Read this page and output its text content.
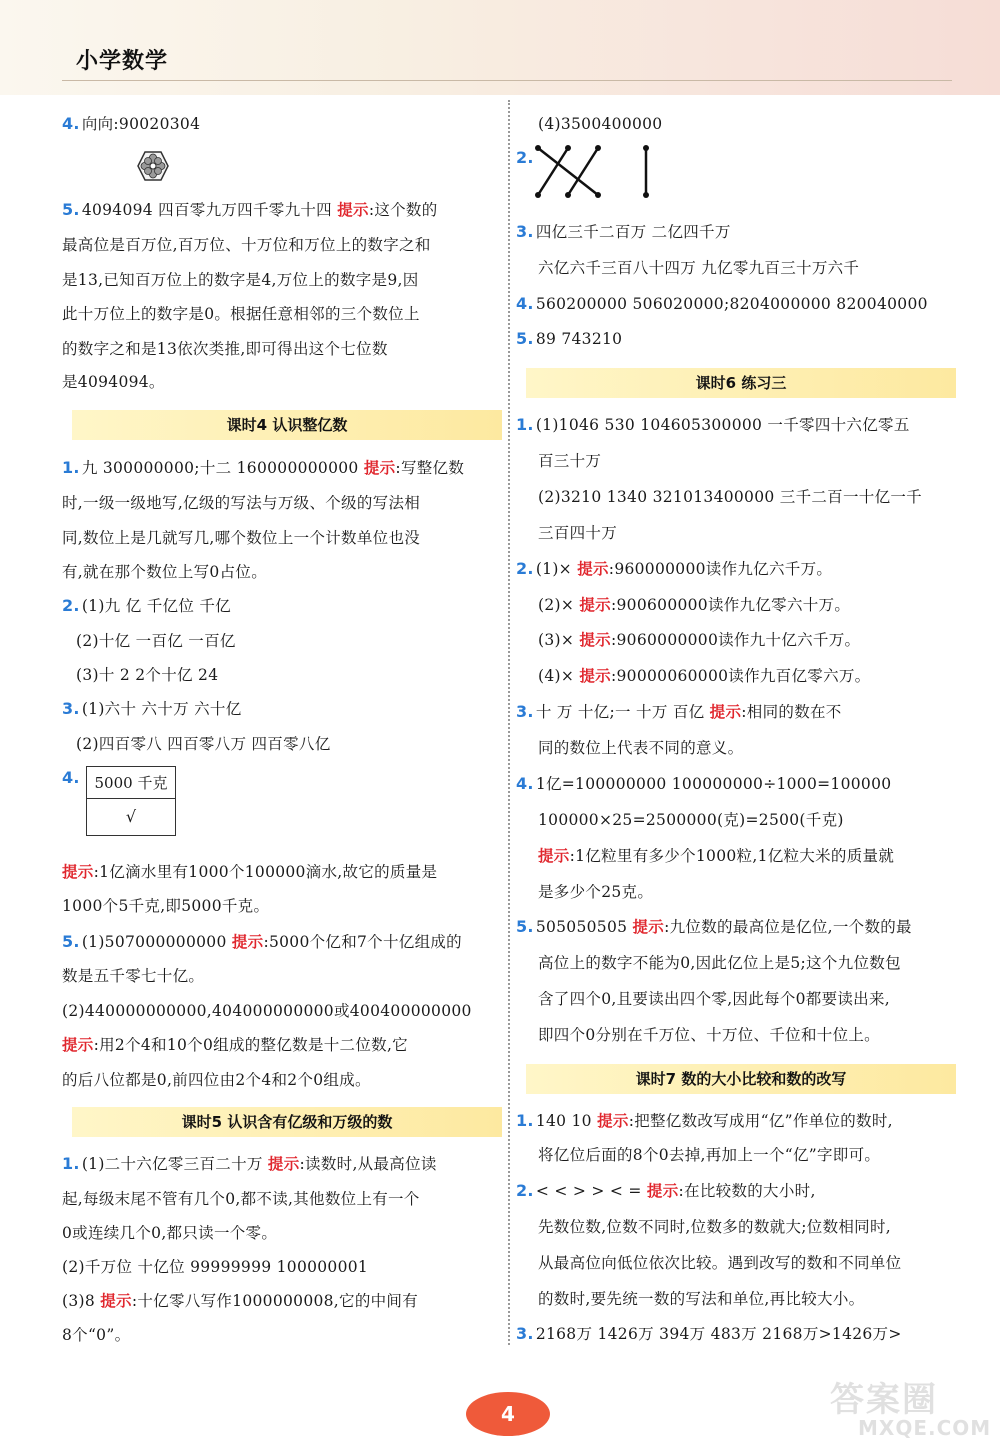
小学数学
4. 向向:90020304
5. 4094094 四百零九万四千零九十四 提示:这个数的
最高位是百万位,百万位、十万位和万位上的数字之和
是13,已知百万位上的数字是4,万位上的数字是9,因
此十万位上的数字是0。根据任意相邻的三个数位上
的数字之和是13依次类推,即可得出这个七位数
是4094094。
课时4 认识整亿数
1. 九 300000000;十二 160000000000 提示:写整亿数
时,一级一级地写,亿级的写法与万级、个级的写法相
同,数位上是几就写几,哪个数位上一个计数单位也没
有,就在那个数位上写0占位。
2. (1)九 亿 千亿位 千亿
(2)十亿 一百亿 一百亿
(3)十 2 2个十亿 24
3. (1)六十 六十万 六十亿
(2)四百零八 四百零八万 四百零八亿
4. 5000 千克
√
提示:1亿滴水里有1000个100000滴水,故它的质量是
1000个5千克,即5000千克。
5. (1)507000000000 提示:5000个亿和7个十亿组成的
数是五千零七十亿。
(2)440000000000,404000000000或400400000000
提示:用2个4和10个0组成的整亿数是十二位数,它
的后八位都是0,前四位由2个4和2个0组成。
课时5 认识含有亿级和万级的数
1. (1)二十六亿零三百二十万 提示:读数时,从最高位读
起,每级末尾不管有几个0,都不读,其他数位上有一个
0或连续几个0,都只读一个零。
(2)千万位 十亿位 99999999 100000001
(3)8 提示:十亿零八写作1000000008,它的中间有
8个“0”。
(4)3500400000
2.
3. 四亿三千二百万 二亿四千万
六亿六千三百八十四万 九亿零九百三十万六千
4. 560200000 506020000;8204000000 820040000
5. 89 743210
课时6 练习三
1. (1)1046 530 104605300000 一千零四十六亿零五
百三十万
(2)3210 1340 321013400000 三千二百一十亿一千
三百四十万
2. (1)× 提示:960000000读作九亿六千万。
(2)× 提示:900600000读作九亿零六十万。
(3)× 提示:9060000000读作九十亿六千万。
(4)× 提示:90000060000读作九百亿零六万。
3. 十 万 十亿;一 十万 百亿 提示:相同的数在不
同的数位上代表不同的意义。
4. 1亿=100000000 100000000÷1000=100000
100000×25=2500000(克)=2500(千克)
提示:1亿粒里有多少个1000粒,1亿粒大米的质量就
是多少个25克。
5. 505050505 提示:九位数的最高位是亿位,一个数的最
高位上的数字不能为0,因此亿位上是5;这个九位数包
含了四个0,且要读出四个零,因此每个0都要读出来,
即四个0分别在千万位、十万位、千位和十位上。
课时7 数的大小比较和数的改写
1. 140 10 提示:把整亿数改写成用“亿”作单位的数时,
将亿位后面的8个0去掉,再加上一个“亿”字即可。
2. < < > > < = 提示:在比较数的大小时,
先数位数,位数不同时,位数多的数就大;位数相同时,
从最高位向低位依次比较。遇到改写的数和不同单位
的数时,要先统一数的写法和单位,再比较大小。
3. 2168万 1426万 394万 483万 2168万>1426万>
4	答案圈
MXQE.COM
